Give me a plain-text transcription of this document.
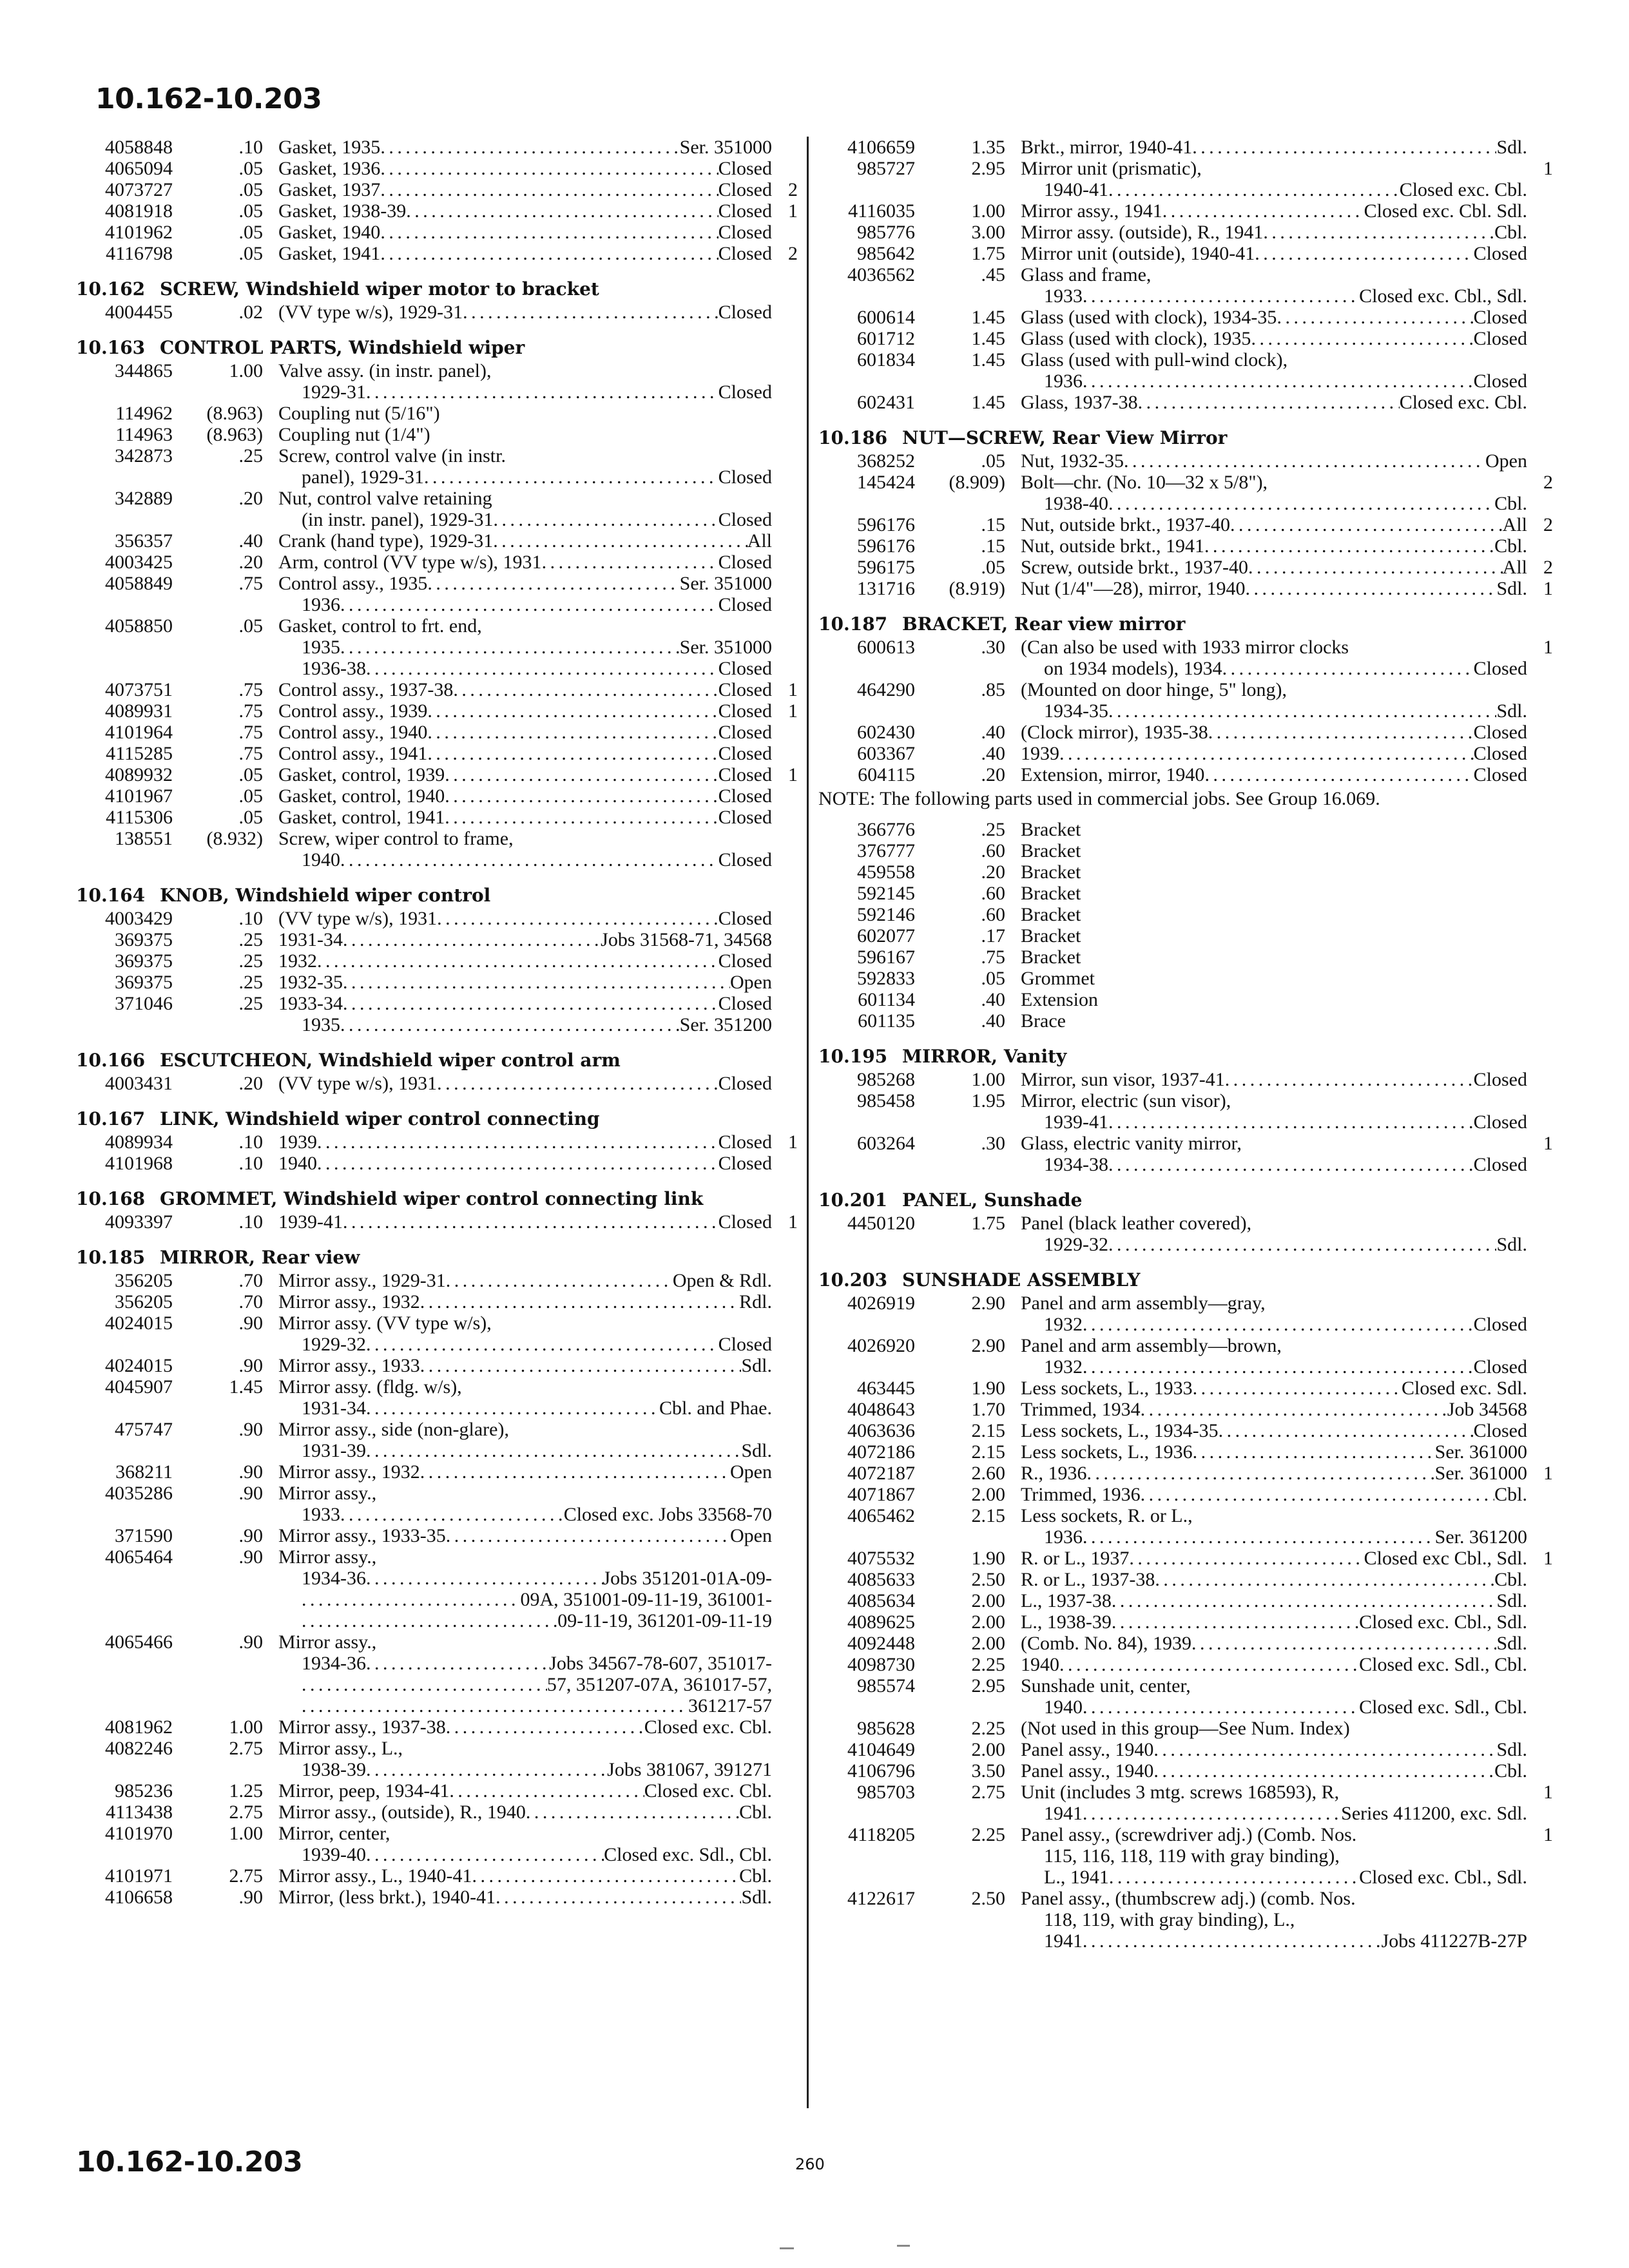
10.162-10.203
4058848	.10 Gasket, 1935 . . .	Ser. 351000
4065094	.05 Gasket, 1936 . . .	Closed
4073727	.05 Gasket, 1937 . . .	Closed 2
4081918	.05 Gasket, 1938-39 . . .	Closed 1
4101962	.05 Gasket, 1940 . . .	Closed
4116798	.05 Gasket, 1941 . . .	Closed 2
10.162 SCREW, Windshield wiper motor to bracket
4004455	.02 (VV type w/s), 1929-31 . . .	Closed
10.163 CONTROL PARTS, Windshield wiper
344865	1.00 Valve assy. (in instr. panel),
1929-31 . . .	Closed
114962	(8.963) Coupling nut (5/16")
114963	(8.963) Coupling nut (1/4")
342873	.25 Screw, control valve (in instr.
panel), 1929-31 . . .	Closed
342889	.20 Nut, control valve retaining
(in instr. panel), 1929-31 . . .	Closed
356357	.40 Crank (hand type), 1929-31 . . .	All
4003425	.20 Arm, control (VV type w/s), 1931 . . .	Closed
4058849	.75 Control assy., 1935 . . .	Ser. 351000
1936 . . .	Closed
4058850	.05 Gasket, control to frt. end,
1935 . . .	Ser. 351000
1936-38 . . .	Closed
4073751	.75 Control assy., 1937-38 . . .	Closed 1
4089931	.75 Control assy., 1939 . . .	Closed 1
4101964	.75 Control assy., 1940 . . .	Closed
4115285	.75 Control assy., 1941 . . .	Closed
4089932	.05 Gasket, control, 1939 . . .	Closed 1
4101967	.05 Gasket, control, 1940 . . .	Closed
4115306	.05 Gasket, control, 1941 . . .	Closed
138551	(8.932) Screw, wiper control to frame,
1940 . . .	Closed
10.164 KNOB, Windshield wiper control
4003429	.10 (VV type w/s), 1931 . . .	Closed
369375	.25 1931-34 . . .	Jobs 31568-71, 34568
369375	.25 1932 . . .	Closed
369375	.25 1932-35 . . .	Open
371046	.25 1933-34 . . .	Closed
1935 . . .	Ser. 351200
10.166 ESCUTCHEON, Windshield wiper control arm
4003431	.20 (VV type w/s), 1931 . . .	Closed
10.167 LINK, Windshield wiper control connecting
4089934	.10 1939 . . .	Closed 1
4101968	.10 1940 . . .	Closed
10.168 GROMMET, Windshield wiper control connecting link
4093397	.10 1939-41 . . .	Closed 1
10.185 MIRROR, Rear view
356205	.70 Mirror assy., 1929-31 . . .	Open & Rdl.
356205	.70 Mirror assy., 1932 . . .	Rdl.
4024015	.90 Mirror assy. (VV type w/s),
1929-32 . . .	Closed
4024015	.90 Mirror assy., 1933 . . .	Sdl.
4045907	1.45 Mirror assy. (fldg. w/s),
1931-34 . . .	Cbl. and Phae.
475747	.90 Mirror assy., side (non-glare),
1931-39 . . .	Sdl.
368211	.90 Mirror assy., 1932 . . .	Open
4035286	.90 Mirror assy.,
1933 . . .	Closed exc. Jobs 33568-70
371590	.90 Mirror assy., 1933-35 . . .	Open
4065464	.90 Mirror assy.,
1934-36 . . .	Jobs 351201-01A-09-
. . .
09A, 351001-09-11-19, 361001-
. . .
09-11-19, 361201-09-11-19
4065466	.90 Mirror assy.,
1934-36 . . .	Jobs 34567-78-607, 351017-
. . .
57, 351207-07A, 361017-57,
. . .
361217-57
4081962	1.00 Mirror assy., 1937-38 . . .	Closed exc. Cbl.
4082246	2.75 Mirror assy., L.,
1938-39 . . .	Jobs 381067, 391271
985236	1.25 Mirror, peep, 1934-41 . . .	Closed exc. Cbl.
4113438	2.75 Mirror assy., (outside), R., 1940 . . .	Cbl.
4101970	1.00 Mirror, center,
1939-40 . . .	Closed exc. Sdl., Cbl.
4101971	2.75 Mirror assy., L., 1940-41 . . .	Cbl.
4106658	.90 Mirror, (less brkt.), 1940-41 . . .	Sdl.
4106659	1.35 Brkt., mirror, 1940-41 . . .	Sdl.
985727	2.95 Mirror unit (prismatic),
1940-41 . . .	Closed exc. Cbl.
1
4116035	1.00 Mirror assy., 1941 . . .	Closed exc. Cbl. Sdl.
985776	3.00 Mirror assy. (outside), R., 1941 . . .	Cbl.
985642	1.75 Mirror unit (outside), 1940-41 . . .	Closed
4036562	.45 Glass and frame,
1933 . . .	Closed exc. Cbl., Sdl.
600614	1.45 Glass (used with clock), 1934-35 . . .	Closed
601712	1.45 Glass (used with clock), 1935 . . .	Closed
601834	1.45 Glass (used with pull-wind clock),
1936 . . .	Closed
602431	1.45 Glass, 1937-38 . . .	Closed exc. Cbl.
10.186 NUT—SCREW, Rear View Mirror
368252	.05 Nut, 1932-35 . . .	Open
145424	(8.909) Bolt—chr. (No. 10—32 x 5/8"),
1938-40 . . .	Cbl.
2
596176	.15 Nut, outside brkt., 1937-40 . . .	All 2
596176	.15 Nut, outside brkt., 1941 . . .	Cbl.
596175	.05 Screw, outside brkt., 1937-40 . . .	All 2
131716	(8.919) Nut (1/4"—28), mirror, 1940 . . .	Sdl. 1
10.187 BRACKET, Rear view mirror
600613	.30 (Can also be used with 1933 mirror clocks
on 1934 models), 1934 . . .	Closed
1
464290	.85 (Mounted on door hinge, 5" long),
1934-35 . . .	Sdl.
602430	.40 (Clock mirror), 1935-38 . . .	Closed
603367	.40 1939 . . .	Closed
604115	.20 Extension, mirror, 1940 . . .	Closed
NOTE: The following parts used in commercial jobs. See Group 16.069.
366776	.25 Bracket
376777	.60 Bracket
459558	.20 Bracket
592145	.60 Bracket
592146	.60 Bracket
602077	.17 Bracket
596167	.75 Bracket
592833	.05 Grommet
601134	.40 Extension
601135	.40 Brace
10.195 MIRROR, Vanity
985268	1.00 Mirror, sun visor, 1937-41 . . .	Closed
985458	1.95 Mirror, electric (sun visor),
1939-41 . . .	Closed
603264	.30 Glass, electric vanity mirror,
1934-38 . . .	Closed
1
10.201 PANEL, Sunshade
4450120	1.75 Panel (black leather covered),
1929-32 . . .	Sdl.
10.203 SUNSHADE ASSEMBLY
4026919	2.90 Panel and arm assembly—gray,
1932 . . .	Closed
4026920	2.90 Panel and arm assembly—brown,
1932 . . .	Closed
463445	1.90 Less sockets, L., 1933 . . .	Closed exc. Sdl.
4048643	1.70 Trimmed, 1934 . . .	Job 34568
4063636	2.15 Less sockets, L., 1934-35 . . .	Closed
4072186	2.15 Less sockets, L., 1936 . . .	Ser. 361000
4072187	2.60 R., 1936 . . .	Ser. 361000 1
4071867	2.00 Trimmed, 1936 . . .	Cbl.
4065462	2.15 Less sockets, R. or L.,
1936 . . .	Ser. 361200
4075532	1.90 R. or L., 1937 . . .	Closed exc Cbl., Sdl. 1
4085633	2.50 R. or L., 1937-38 . . .	Cbl.
4085634	2.00 L., 1937-38 . . .	Sdl.
4089625	2.00 L., 1938-39 . . .	Closed exc. Cbl., Sdl.
4092448	2.00 (Comb. No. 84), 1939 . . .	Sdl.
4098730	2.25 1940 . . .	Closed exc. Sdl., Cbl.
985574	2.95 Sunshade unit, center,
1940 . . .	Closed exc. Sdl., Cbl.
985628	2.25 (Not used in this group—See Num. Index)
4104649	2.00 Panel assy., 1940 . . .	Sdl.
4106796	3.50 Panel assy., 1940 . . .	Cbl.
985703	2.75 Unit (includes 3 mtg. screws 168593), R,
1941 . . .	Series 411200, exc. Sdl.
1
4118205	2.25 Panel assy., (screwdriver adj.) (Comb. Nos.
115, 116, 118, 119 with gray binding),
L., 1941 . . .	Closed exc. Cbl., Sdl.
1
4122617	2.50 Panel assy., (thumbscrew adj.) (comb. Nos.
118, 119, with gray binding), L.,
1941 . . .	Jobs 411227B-27P
10.162-10.203	260
